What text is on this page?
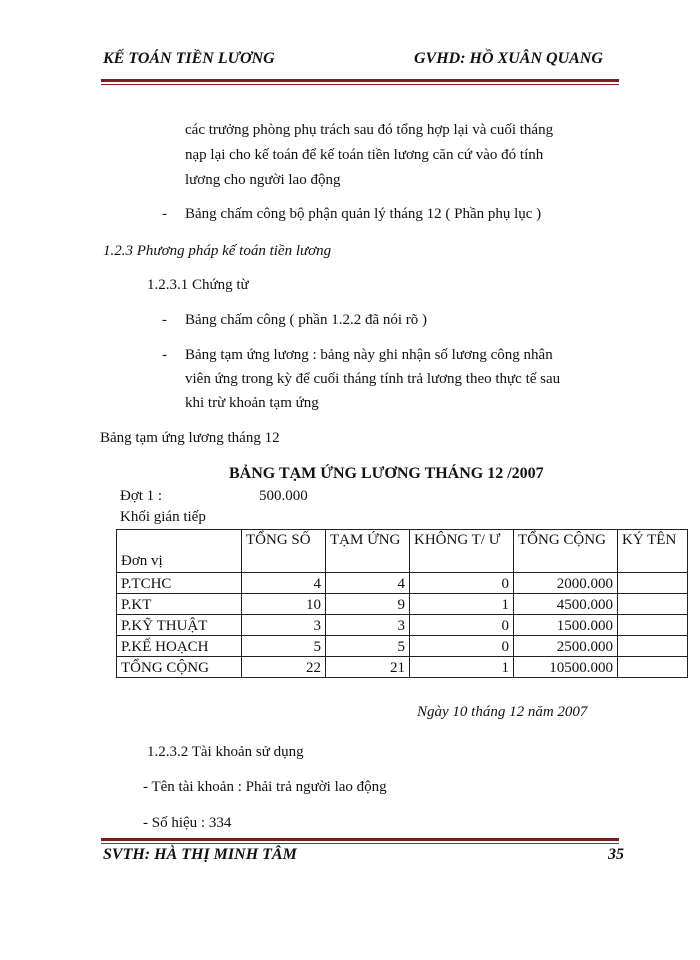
KẾ TOÁN TIỀN LƯƠNG	GVHD: HỒ XUÂN QUANG
các trưởng phòng phụ trách sau đó tổng hợp lại và cuối tháng
nạp lại cho kế toán để kế toán tiền lương căn cứ vào đó tính
lương cho người lao động
- Bảng chấm công bộ phận quản lý tháng 12 ( Phần phụ lục )
1.2.3 Phương pháp kế toán tiền lương
1.2.3.1 Chứng từ
- Bảng chấm công ( phần 1.2.2 đã nói rõ )
- Bảng tạm ứng lương : bảng này ghi nhận số lương công nhân
viên ứng trong kỳ để cuối tháng tính trả lương theo thực tế sau
khi trừ khoản tạm ứng
Bảng tạm ứng lương tháng 12
BẢNG TẠM ỨNG LƯƠNG THÁNG 12 /2007
Đợt 1 :	500.000
Khối gián tiếp
Đơn vị	TỔNG SỐ	TẠM ỨNG	KHÔNG T/ Ư	TỔNG CỘNG	KÝ TÊN
P.TCHC	4	4	0	2000.000	
P.KT	10	9	1	4500.000	
P.KỸ THUẬT	3	3	0	1500.000	
P.KẾ HOẠCH	5	5	0	2500.000	
TỔNG CỘNG	22	21	1	10500.000	
Ngày 10 tháng 12 năm 2007
1.2.3.2 Tài khoản sử dụng
- Tên tài khoản : Phải trả người lao động
- Số hiệu : 334
SVTH: HÀ THỊ MINH TÂM	35
